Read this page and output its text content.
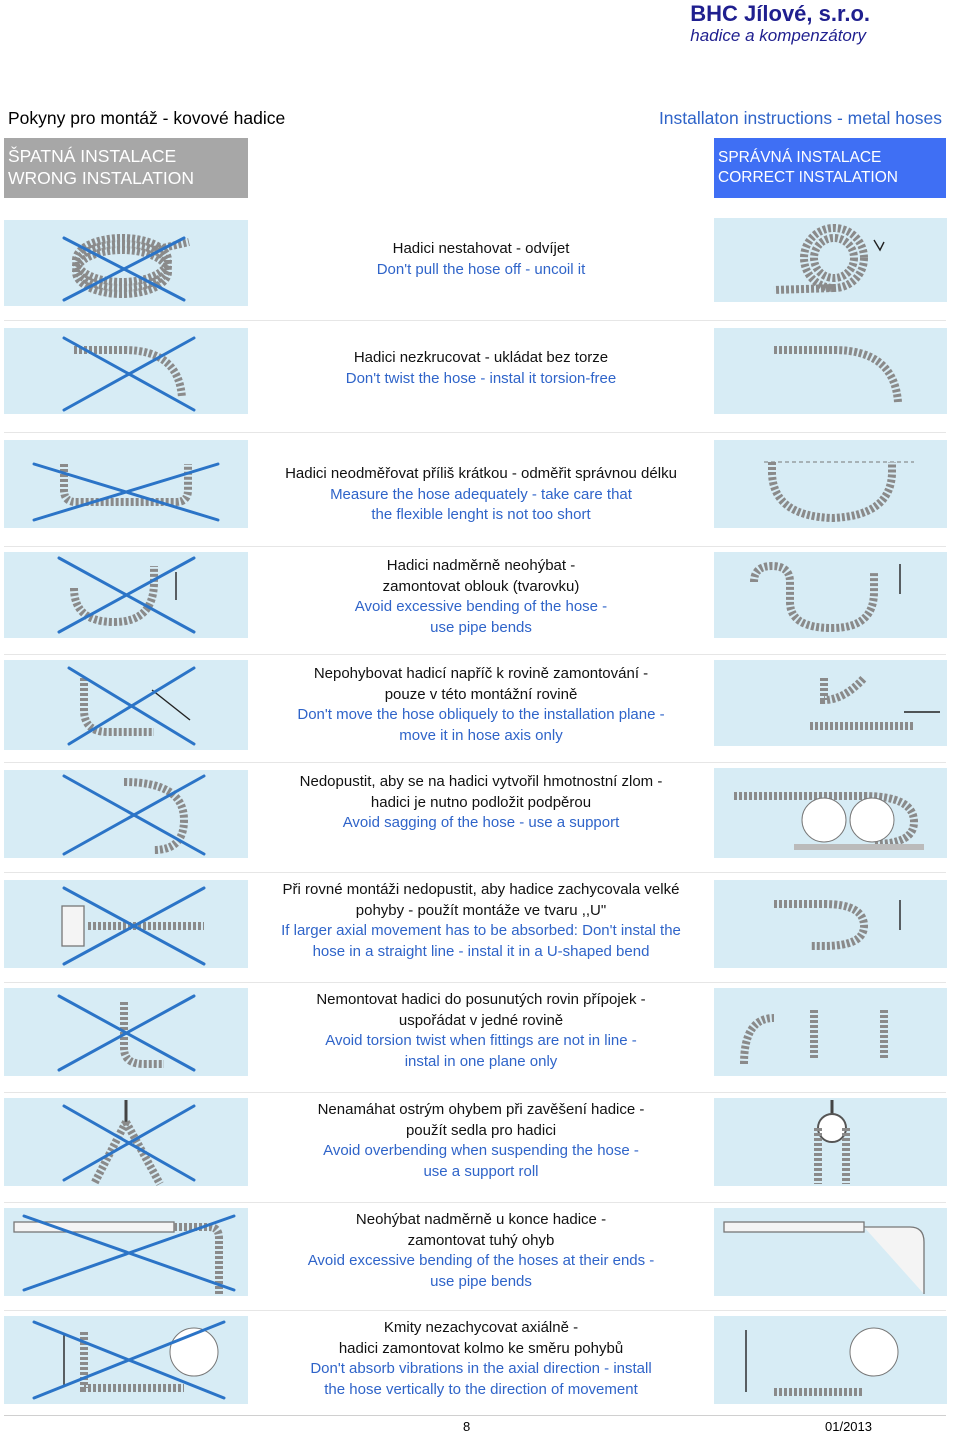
BHC Jílové, s.r.o.
hadice a kompenzátory
Pokyny pro montáž - kovové hadice	Installaton instructions - metal hoses
ŠPATNÁ INSTALACE
WRONG INSTALATION
SPRÁVNÁ INSTALACE
CORRECT INSTALATION
Hadici nestahovat - odvíjet
Don't pull the hose off - uncoil it
Hadici nezkrucovat - ukládat bez torze
Don't twist the hose - instal it torsion-free
Hadici neodměřovat příliš krátkou - odměřit správnou délku
Measure the hose adequately - take care that
the flexible lenght is not too short
Hadici nadměrně neohýbat -
zamontovat oblouk (tvarovku)
Avoid excessive bending of the hose -
use pipe bends
Nepohybovat hadicí napříč k rovině zamontování -
pouze v této montážní rovině
Don't move the hose obliquely to the installation plane -
move it in hose axis only
Nedopustit, aby se na hadici vytvořil hmotnostní zlom -
hadici je nutno podložit podpěrou
Avoid sagging of the hose - use a support
Při rovné montáži nedopustit, aby hadice zachycovala velké
pohyby - použít montáže ve tvaru ,,U"
If larger axial movement has to be absorbed: Don't instal the
hose in a straight line - instal it in a U-shaped bend
Nemontovat hadici do posunutých rovin přípojek -
uspořádat v jedné rovině
Avoid torsion twist when fittings are not in line -
instal in one plane only
Nenamáhat ostrým ohybem při zavěšení hadice -
použít sedla pro hadici
Avoid overbending when suspending the hose -
use a support roll
Neohýbat nadměrně u konce hadice -
zamontovat tuhý ohyb
Avoid excessive bending of the hoses at their ends -
use pipe bends
Kmity nezachycovat axiálně -
hadici zamontovat kolmo ke směru pohybů
Don't absorb vibrations in the axial direction - install
the hose vertically to the direction of movement
8	01/2013
